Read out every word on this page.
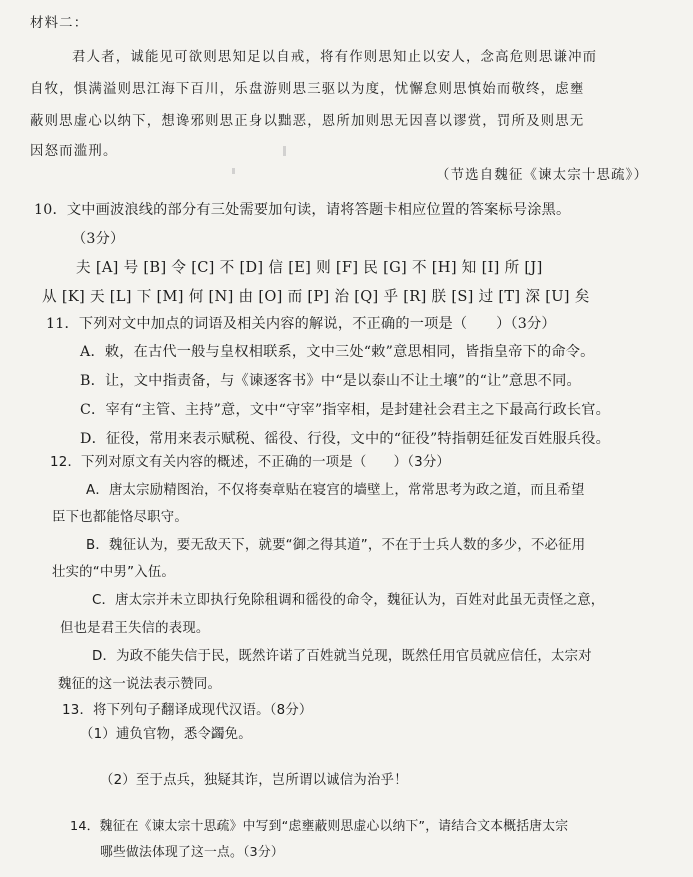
材料二：
君人者，诚能见可欲则思知足以自戒，将有作则思知止以安人，念高危则思谦冲而
自牧，惧满溢则思江海下百川，乐盘游则思三驱以为度，忧懈怠则思慎始而敬终，虑壅
蔽则思虚心以纳下，想谗邪则思正身以黜恶，恩所加则思无因喜以谬赏，罚所及则思无
因怒而滥刑。
（节选自魏征《谏太宗十思疏》）
10．文中画波浪线的部分有三处需要加句读，请将答题卡相应位置的答案标号涂黑。
（3分）
夫 [A] 号 [B] 令 [C] 不 [D] 信 [E] 则 [F] 民 [G] 不 [H] 知 [I] 所 [J]
从 [K] 天 [L] 下 [M] 何 [N] 由 [O] 而 [P] 治 [Q] 乎 [R] 朕 [S] 过 [T] 深 [U] 矣
11．下列对文中加点的词语及相关内容的解说，不正确的一项是（　　）（3分）
A．敕，在古代一般与皇权相联系，文中三处“敕”意思相同，皆指皇帝下的命令。
B．让，文中指责备，与《谏逐客书》中“是以泰山不让土壤”的“让”意思不同。
C．宰有“主管、主持”意，文中“守宰”指宰相，是封建社会君主之下最高行政长官。
D．征役，常用来表示赋税、徭役、行役，文中的“征役”特指朝廷征发百姓服兵役。
12．下列对原文有关内容的概述，不正确的一项是（　　）（3分）
A．唐太宗励精图治，不仅将奏章贴在寝宫的墙壁上，常常思考为政之道，而且希望
臣下也都能恪尽职守。
B．魏征认为，要无敌天下，就要“御之得其道”，不在于士兵人数的多少，不必征用
壮实的“中男”入伍。
C．唐太宗并未立即执行免除租调和徭役的命令，魏征认为，百姓对此虽无责怪之意，
但也是君王失信的表现。
D．为政不能失信于民，既然许诺了百姓就当兑现，既然任用官员就应信任，太宗对
魏征的这一说法表示赞同。
13．将下列句子翻译成现代汉语。（8分）
（1）逋负官物，悉令蠲免。
（2）至于点兵，独疑其诈，岂所谓以诚信为治乎！
14．魏征在《谏太宗十思疏》中写到“虑壅蔽则思虚心以纳下”，请结合文本概括唐太宗
哪些做法体现了这一点。（3分）
